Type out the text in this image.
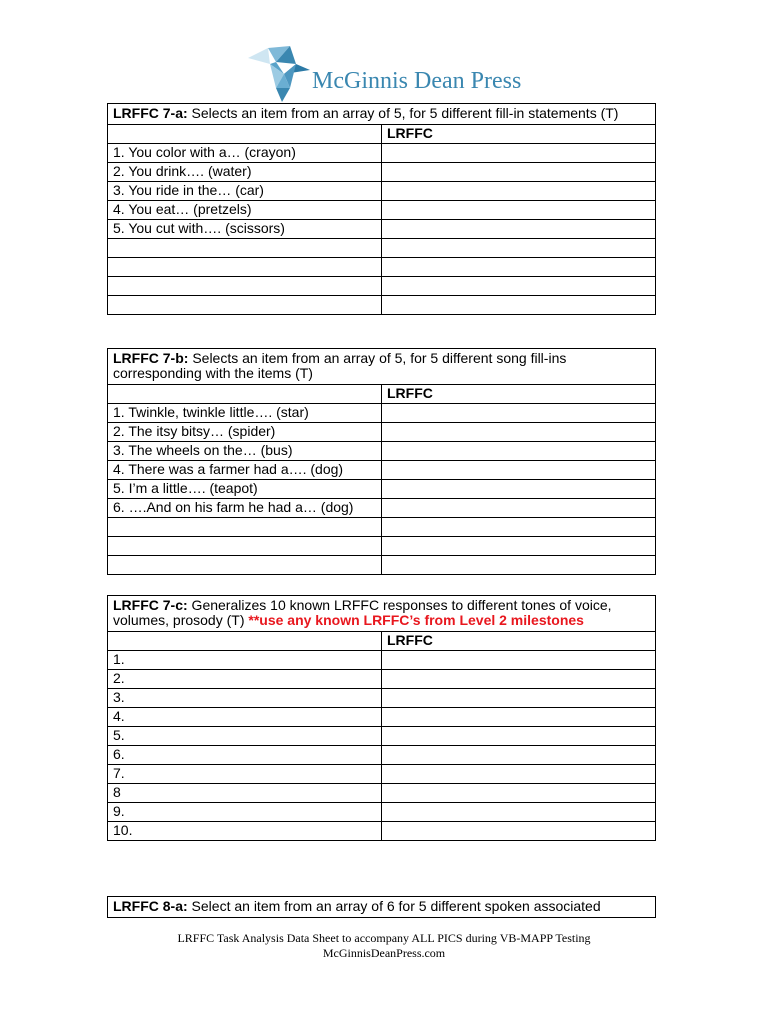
McGinnis Dean Press
LRFFC 7-a: Selects an item from an array of 5, for 5 different fill-in statements (T)	
	LRFFC
1. You color with a… (crayon)	
2. You drink…. (water)	
3. You ride in the… (car)	
4. You eat… (pretzels)	
5. You cut with…. (scissors)	

LRFFC 7-b: Selects an item from an array of 5, for 5 different song fill-ins corresponding with the items (T)	
	LRFFC
1. Twinkle, twinkle little…. (star)	
2. The itsy bitsy… (spider)	
3. The wheels on the… (bus)	
4. There was a farmer had a…. (dog)	
5. I’m a little…. (teapot)	
6. ….And on his farm he had a… (dog)	

LRFFC 7-c: Generalizes 10 known LRFFC responses to different tones of voice, volumes, prosody (T) **use any known LRFFC’s from Level 2 milestones	
	LRFFC
1.	
2.	
3.	
4.	
5.	
6.	
7.	
8	
9.	
10.	
LRFFC 8-a: Select an item from an array of 6 for 5 different spoken associated
LRFFC Task Analysis Data Sheet to accompany ALL PICS during VB-MAPP Testing
McGinnisDeanPress.com
